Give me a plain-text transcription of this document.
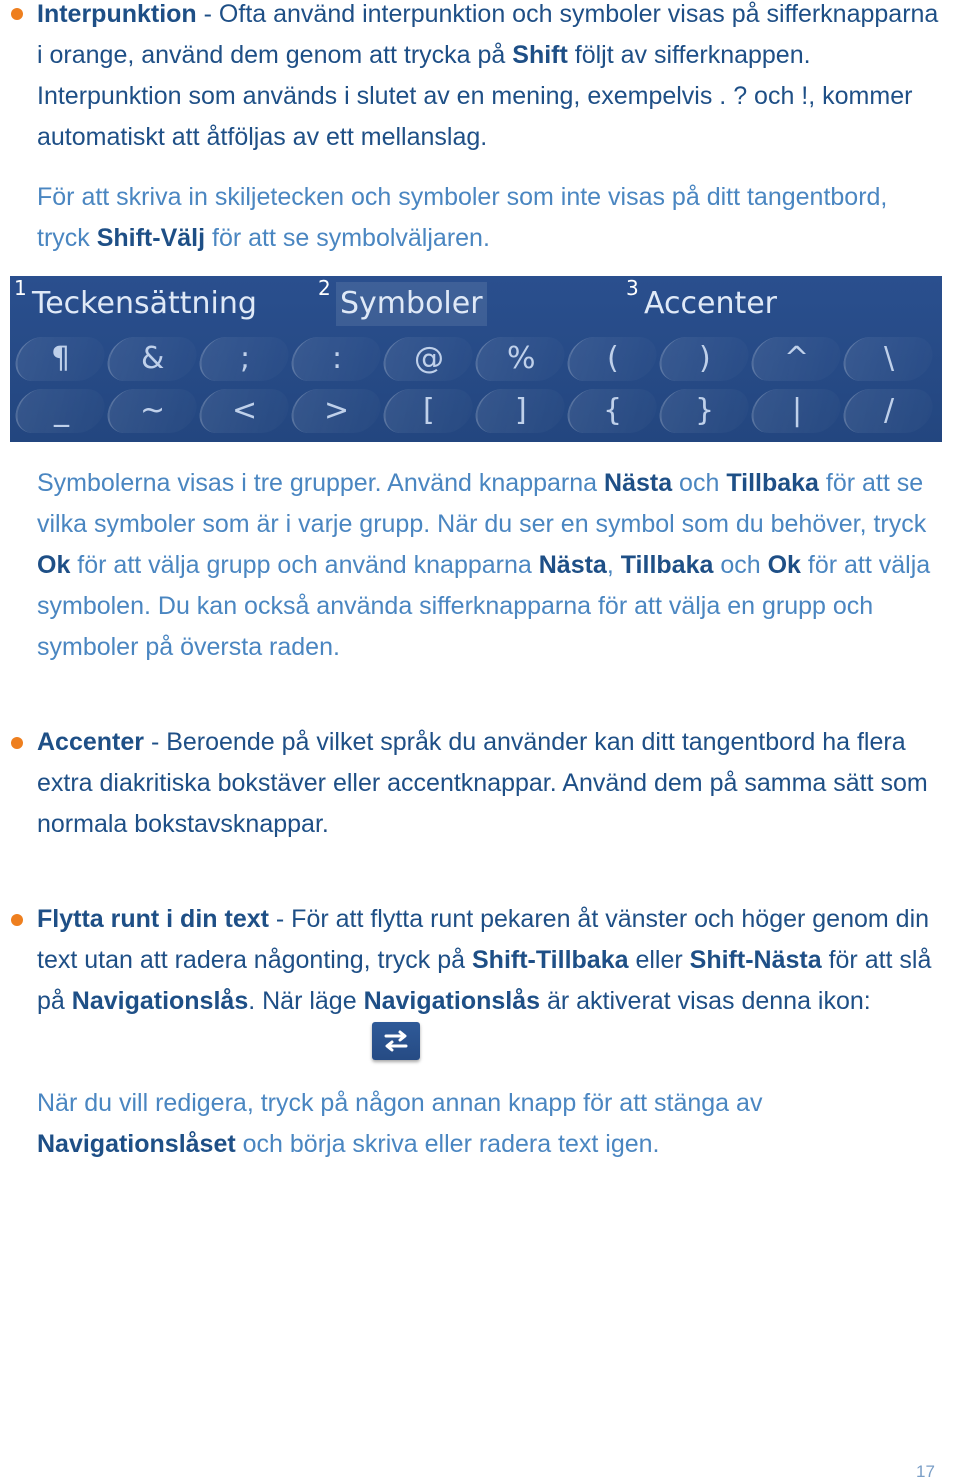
Interpunktion - Ofta använd interpunktion och symboler visas på sifferknapparna i orange, använd dem genom att trycka på Shift följt av sifferknappen. Interpunktion som används i slutet av en mening, exempelvis . ? och !, kommer automatiskt att åtföljas av ett mellanslag.

För att skriva in skiljetecken och symboler som inte visas på ditt tangentbord, tryck Shift-Välj för att se symbolväljaren.

1 Teckensättning	2 Symboler	3 Accenter
¶	&	;	:	@	%	(	)	^	\
_	~	<	>	[	]	{	}	|	/

Symbolerna visas i tre grupper. Använd knapparna Nästa och Tillbaka för att se vilka symboler som är i varje grupp. När du ser en symbol som du behöver, tryck Ok för att välja grupp och använd knapparna Nästa, Tillbaka och Ok för att välja symbolen. Du kan också använda sifferknapparna för att välja en grupp och symboler på översta raden.

Accenter - Beroende på vilket språk du använder kan ditt tangentbord ha flera extra diakritiska bokstäver eller accentknappar. Använd dem på samma sätt som normala bokstavsknappar.

Flytta runt i din text - För att flytta runt pekaren åt vänster och höger genom din text utan att radera någonting, tryck på Shift-Tillbaka eller Shift-Nästa för att slå på Navigationslås. När läge Navigationslås är aktiverat visas denna ikon:

När du vill redigera, tryck på någon annan knapp för att stänga av Navigationslåset och börja skriva eller radera text igen.

17
